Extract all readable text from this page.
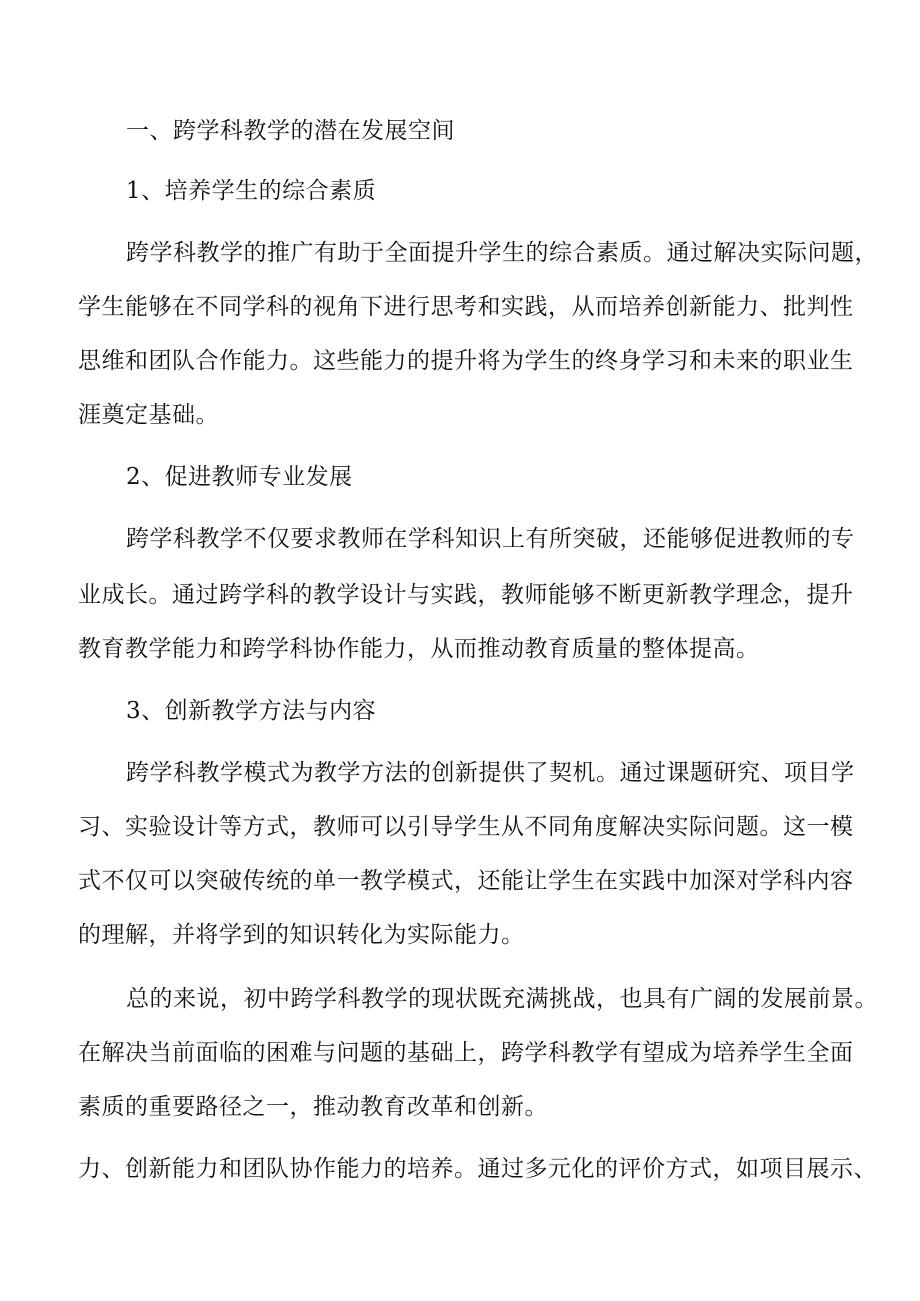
一、跨学科教学的潜在发展空间
1、培养学生的综合素质
跨学科教学的推广有助于全面提升学生的综合素质。通过解决实际问题，
学生能够在不同学科的视角下进行思考和实践，从而培养创新能力、批判性
思维和团队合作能力。这些能力的提升将为学生的终身学习和未来的职业生
涯奠定基础。
2、促进教师专业发展
跨学科教学不仅要求教师在学科知识上有所突破，还能够促进教师的专
业成长。通过跨学科的教学设计与实践，教师能够不断更新教学理念，提升
教育教学能力和跨学科协作能力，从而推动教育质量的整体提高。
3、创新教学方法与内容
跨学科教学模式为教学方法的创新提供了契机。通过课题研究、项目学
习、实验设计等方式，教师可以引导学生从不同角度解决实际问题。这一模
式不仅可以突破传统的单一教学模式，还能让学生在实践中加深对学科内容
的理解，并将学到的知识转化为实际能力。
总的来说，初中跨学科教学的现状既充满挑战，也具有广阔的发展前景。
在解决当前面临的困难与问题的基础上，跨学科教学有望成为培养学生全面
素质的重要路径之一，推动教育改革和创新。
力、创新能力和团队协作能力的培养。通过多元化的评价方式，如项目展示、
